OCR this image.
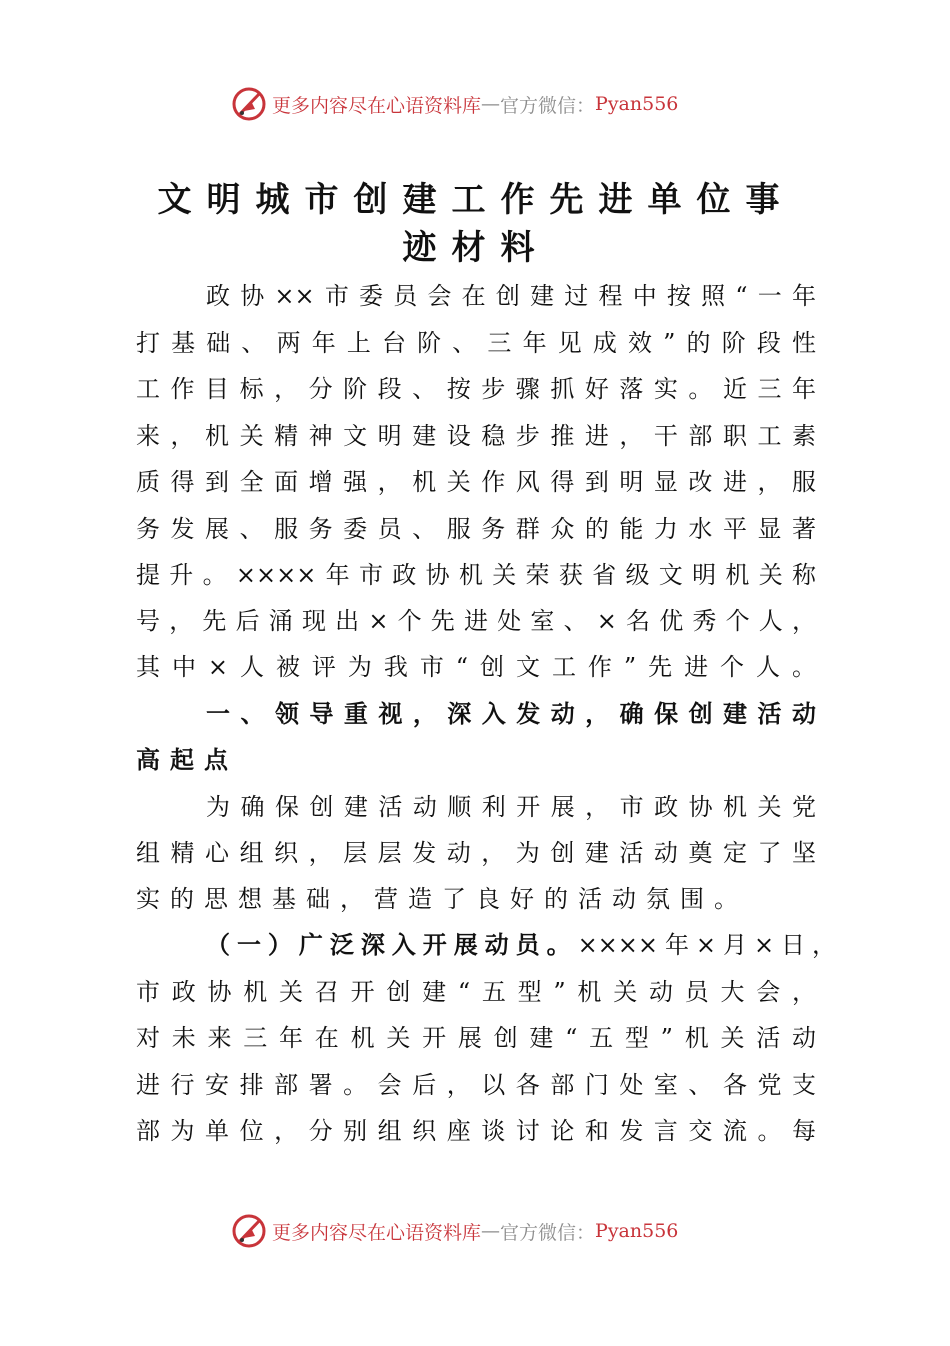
更多内容尽在心语资料库 — 官方微信： Pyan556
文明城市创建工作先进单位事
迹材料

政协××市委员会在创建过程中按照“一年

打基础、两年上台阶、三年见成效”的阶段性

工作目标，分阶段、按步骤抓好落实。近三年

来，机关精神文明建设稳步推进，干部职工素

质得到全面增强，机关作风得到明显改进，服

务发展、服务委员、服务群众的能力水平显著

提升。××××年市政协机关荣获省级文明机关称

号，先后涌现出×个先进处室、×名优秀个人，

其中×人被评为我市“创文工作”先进个人。

一、领导重视，深入发动，确保创建活动

高起点

为确保创建活动顺利开展，市政协机关党

组精心组织，层层发动，为创建活动奠定了坚

实的思想基础，营造了良好的活动氛围。

（一）广泛深入开展动员。××××年×月×日，

市政协机关召开创建“五型”机关动员大会，

对未来三年在机关开展创建“五型”机关活动

进行安排部署。会后，以各部门处室、各党支

部为单位，分别组织座谈讨论和发言交流。每

更多内容尽在心语资料库 — 官方微信： Pyan556
